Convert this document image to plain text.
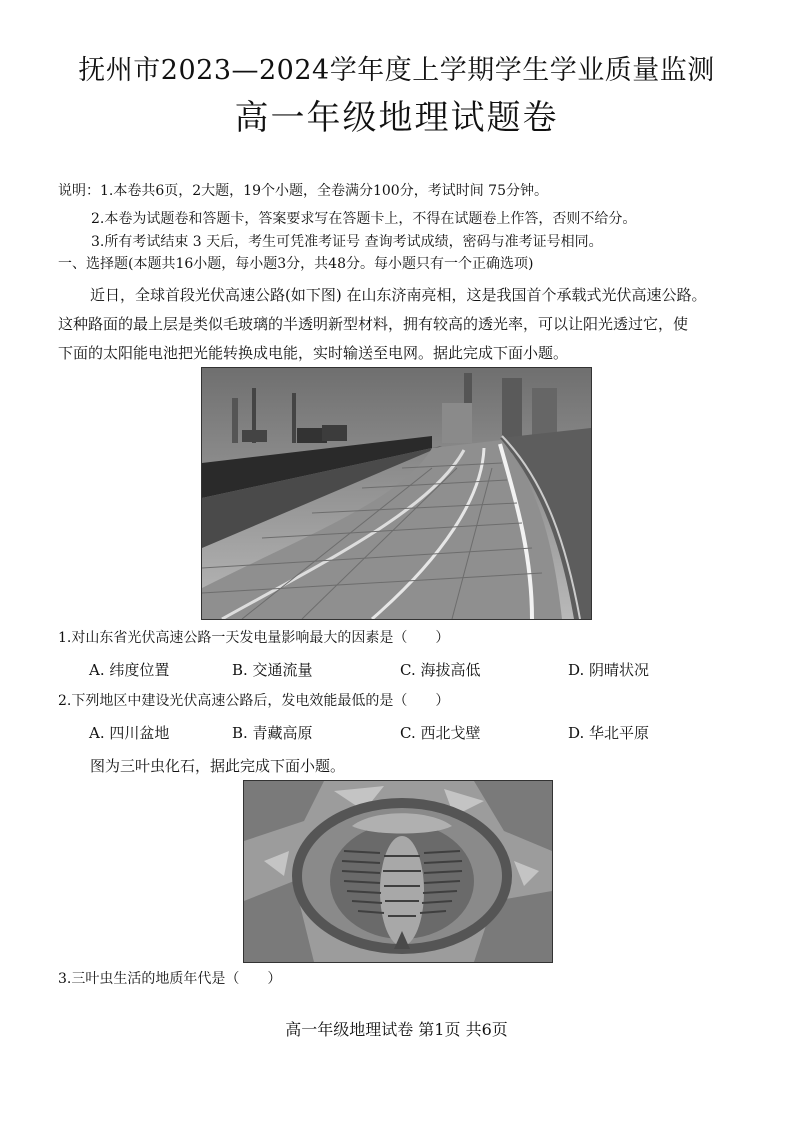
抚州市2023—2024学年度上学期学生学业质量监测
高一年级地理试题卷
说明：1.本卷共6页，2大题，19个小题，全卷满分100分，考试时间 75分钟。
2.本卷为试题卷和答题卡，答案要求写在答题卡上，不得在试题卷上作答，否则不给分。
3.所有考试结束 3 天后，考生可凭准考证号 查询考试成绩，密码与准考证号相同。
一、选择题(本题共16小题，每小题3分，共48分。每小题只有一个正确选项)
近日，全球首段光伏高速公路(如下图) 在山东济南亮相，这是我国首个承载式光伏高速公路。
这种路面的最上层是类似毛玻璃的半透明新型材料，拥有较高的透光率，可以让阳光透过它，使
下面的太阳能电池把光能转换成电能，实时输送至电网。据此完成下面小题。
1.对山东省光伏高速公路一天发电量影响最大的因素是（　　）
A. 纬度位置	B. 交通流量	C. 海拔高低	D. 阴晴状况
2.下列地区中建设光伏高速公路后，发电效能最低的是（　　）
A. 四川盆地	B. 青藏高原	C. 西北戈壁	D. 华北平原
图为三叶虫化石，据此完成下面小题。
3.三叶虫生活的地质年代是（　　）
高一年级地理试卷 第1页 共6页
